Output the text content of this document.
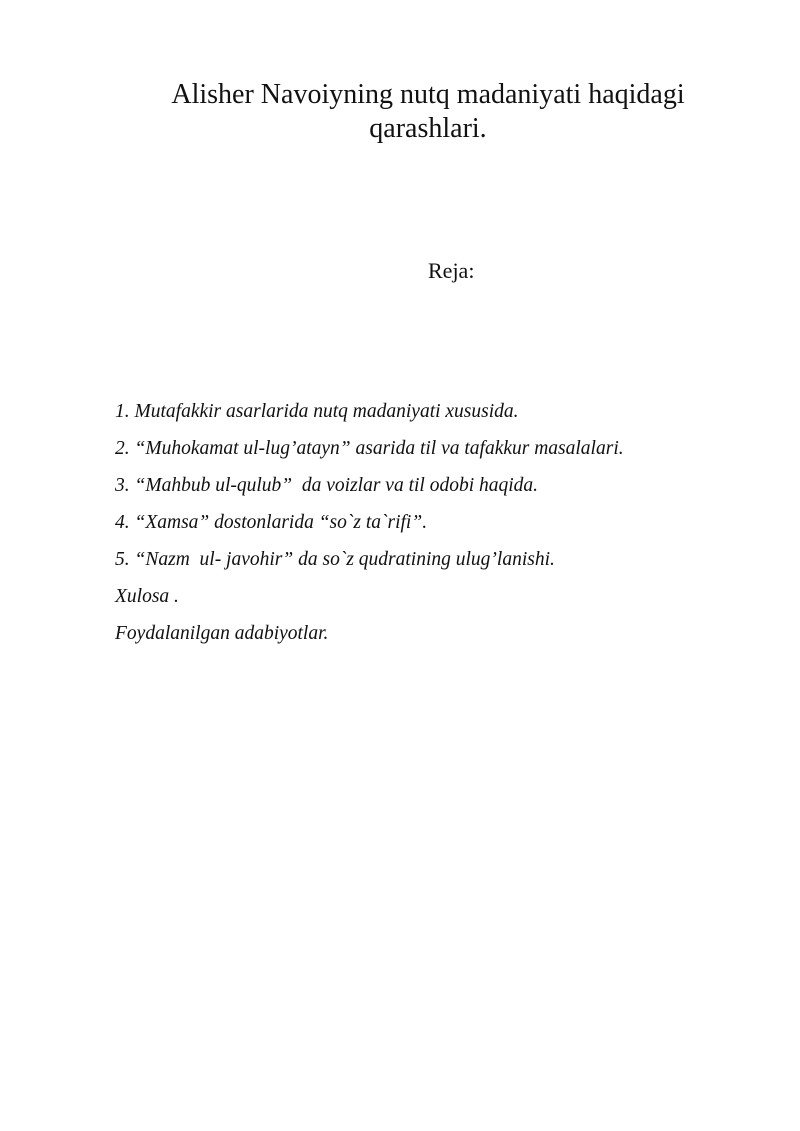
Alisher Navoiyning nutq madaniyati haqidagi qarashlari.
Reja:
1. Mutafakkir asarlarida nutq madaniyati xususida.
2. “Muhokamat ul-lug’atayn” asarida til va tafakkur masalalari.
3. “Mahbub ul-qulub”  da voizlar va til odobi haqida.
4. “Xamsa” dostonlarida “so`z ta`rifi”.
5. “Nazm  ul- javohir” da so`z qudratining ulug’lanishi.
Xulosa .
Foydalanilgan adabiyotlar.
